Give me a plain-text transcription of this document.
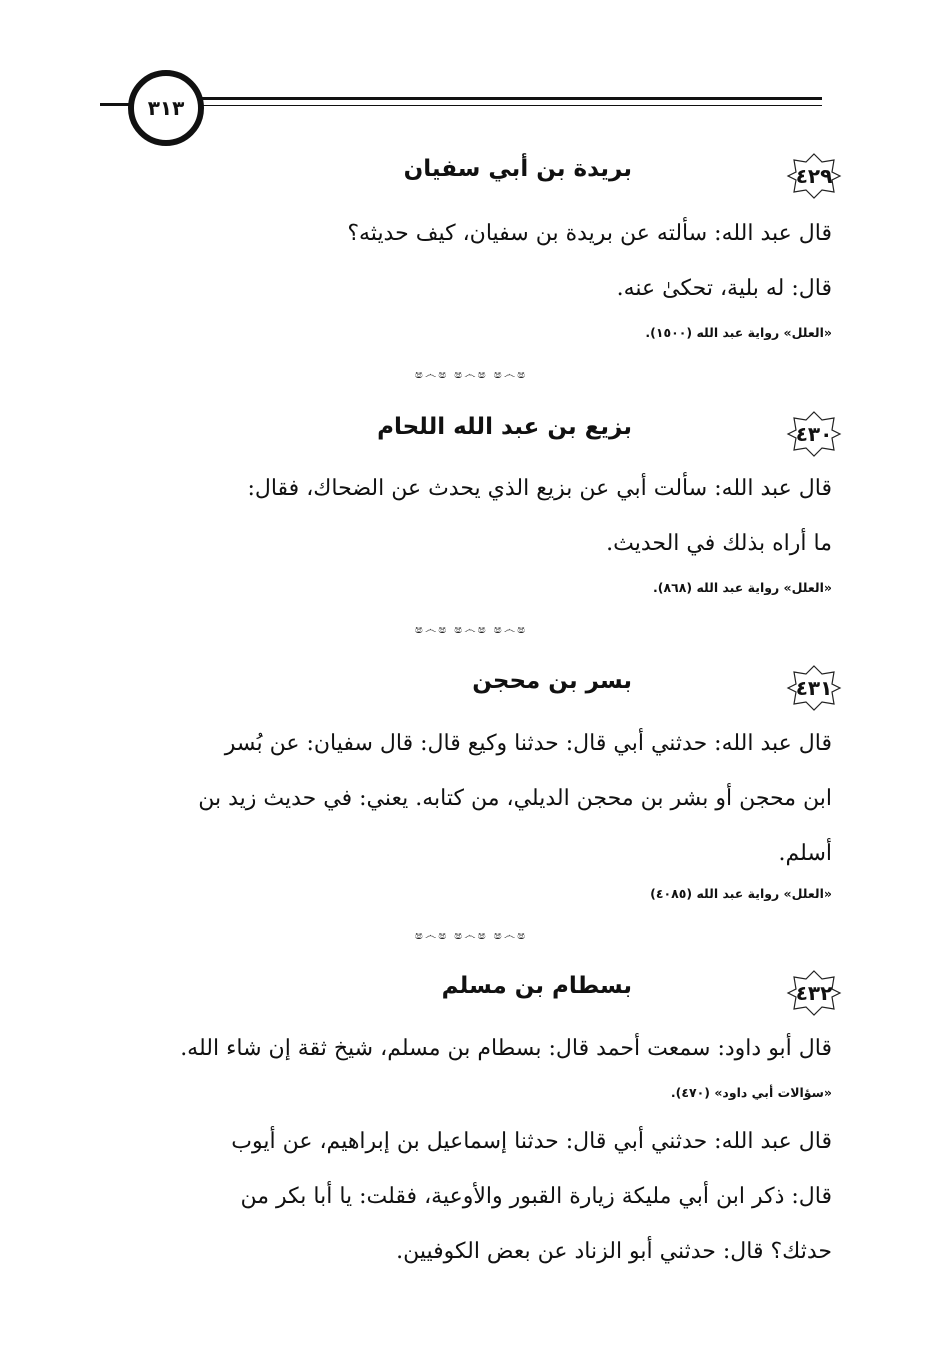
٣١٣
٤٢٩
بريدة بن أبي سفيان
قال عبد الله: سألته عن بريدة بن سفيان، كيف حديثه؟
قال: له بلية، تحكىٰ عنه.
«العلل» رواية عبد الله (١٥٠٠).
ෂ෴ෂ ෂ෴ෂ ෂ෴ෂ
٤٣٠
بزيع بن عبد الله اللحام
قال عبد الله: سألت أبي عن بزيع الذي يحدث عن الضحاك، فقال:
ما أراه بذلك في الحديث.
«العلل» رواية عبد الله (٨٦٨).
ෂ෴ෂ ෂ෴ෂ ෂ෴ෂ
٤٣١
بسر بن محجن
قال عبد الله: حدثني أبي قال: حدثنا وكيع قال: قال سفيان: عن بُسر
ابن محجن أو بشر بن محجن الديلي، من كتابه. يعني: في حديث زيد بن
أسلم.
«العلل» رواية عبد الله (٤٠٨٥)
ෂ෴ෂ ෂ෴ෂ ෂ෴ෂ
٤٣٢
بسطام بن مسلم
قال أبو داود: سمعت أحمد قال: بسطام بن مسلم، شيخ ثقة إن شاء الله.
«سؤالات أبي داود» (٤٧٠).
قال عبد الله: حدثني أبي قال: حدثنا إسماعيل بن إبراهيم، عن أيوب
قال: ذكر ابن أبي مليكة زيارة القبور والأوعية، فقلت: يا أبا بكر من
حدثك؟ قال: حدثني أبو الزناد عن بعض الكوفيين.
